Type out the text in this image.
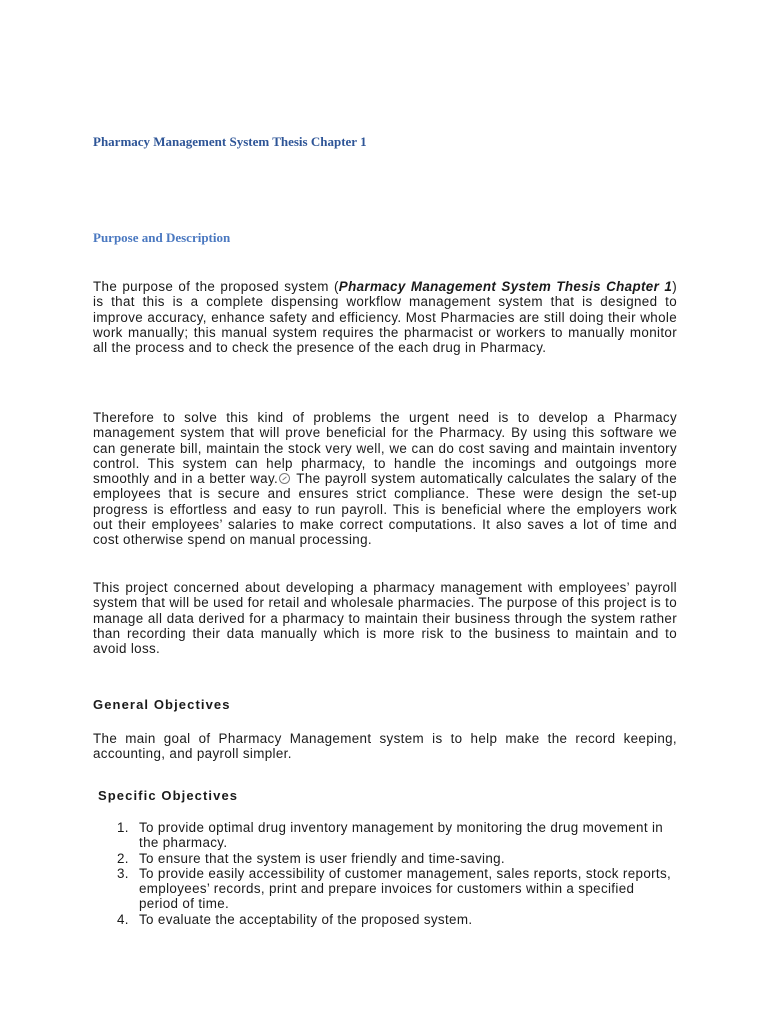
Pharmacy Management System Thesis Chapter 1
Purpose and Description

The purpose of the proposed system (Pharmacy Management System Thesis Chapter 1) is that this is a complete dispensing workflow management system that is designed to improve accuracy, enhance safety and efficiency. Most Pharmacies are still doing their whole work manually; this manual system requires the pharmacist or workers to manually monitor all the process and to check the presence of the each drug in Pharmacy.

Therefore to solve this kind of problems the urgent need is to develop a Pharmacy management system that will prove beneficial for the Pharmacy. By using this software we can generate bill, maintain the stock very well, we can do cost saving and maintain inventory control. This system can help pharmacy, to handle the incomings and outgoings more smoothly and in a better way. The payroll system automatically calculates the salary of the employees that is secure and ensures strict compliance. These were design the set-up progress is effortless and easy to run payroll. This is beneficial where the employers work out their employees’ salaries to make correct computations. It also saves a lot of time and cost otherwise spend on manual processing.

This project concerned about developing a pharmacy management with employees’ payroll system that will be used for retail and wholesale pharmacies. The purpose of this project is to manage all data derived for a pharmacy to maintain their business through the system rather than recording their data manually which is more risk to the business to maintain and to avoid loss.

General Objectives

The main goal of Pharmacy Management system is to help make the record keeping, accounting, and payroll simpler.

Specific Objectives
1. To provide optimal drug inventory management by monitoring the drug movement in the pharmacy.
2. To ensure that the system is user friendly and time-saving.
3. To provide easily accessibility of customer management, sales reports, stock reports, employees’ records, print and prepare invoices for customers within a specified period of time.
4. To evaluate the acceptability of the proposed system.
